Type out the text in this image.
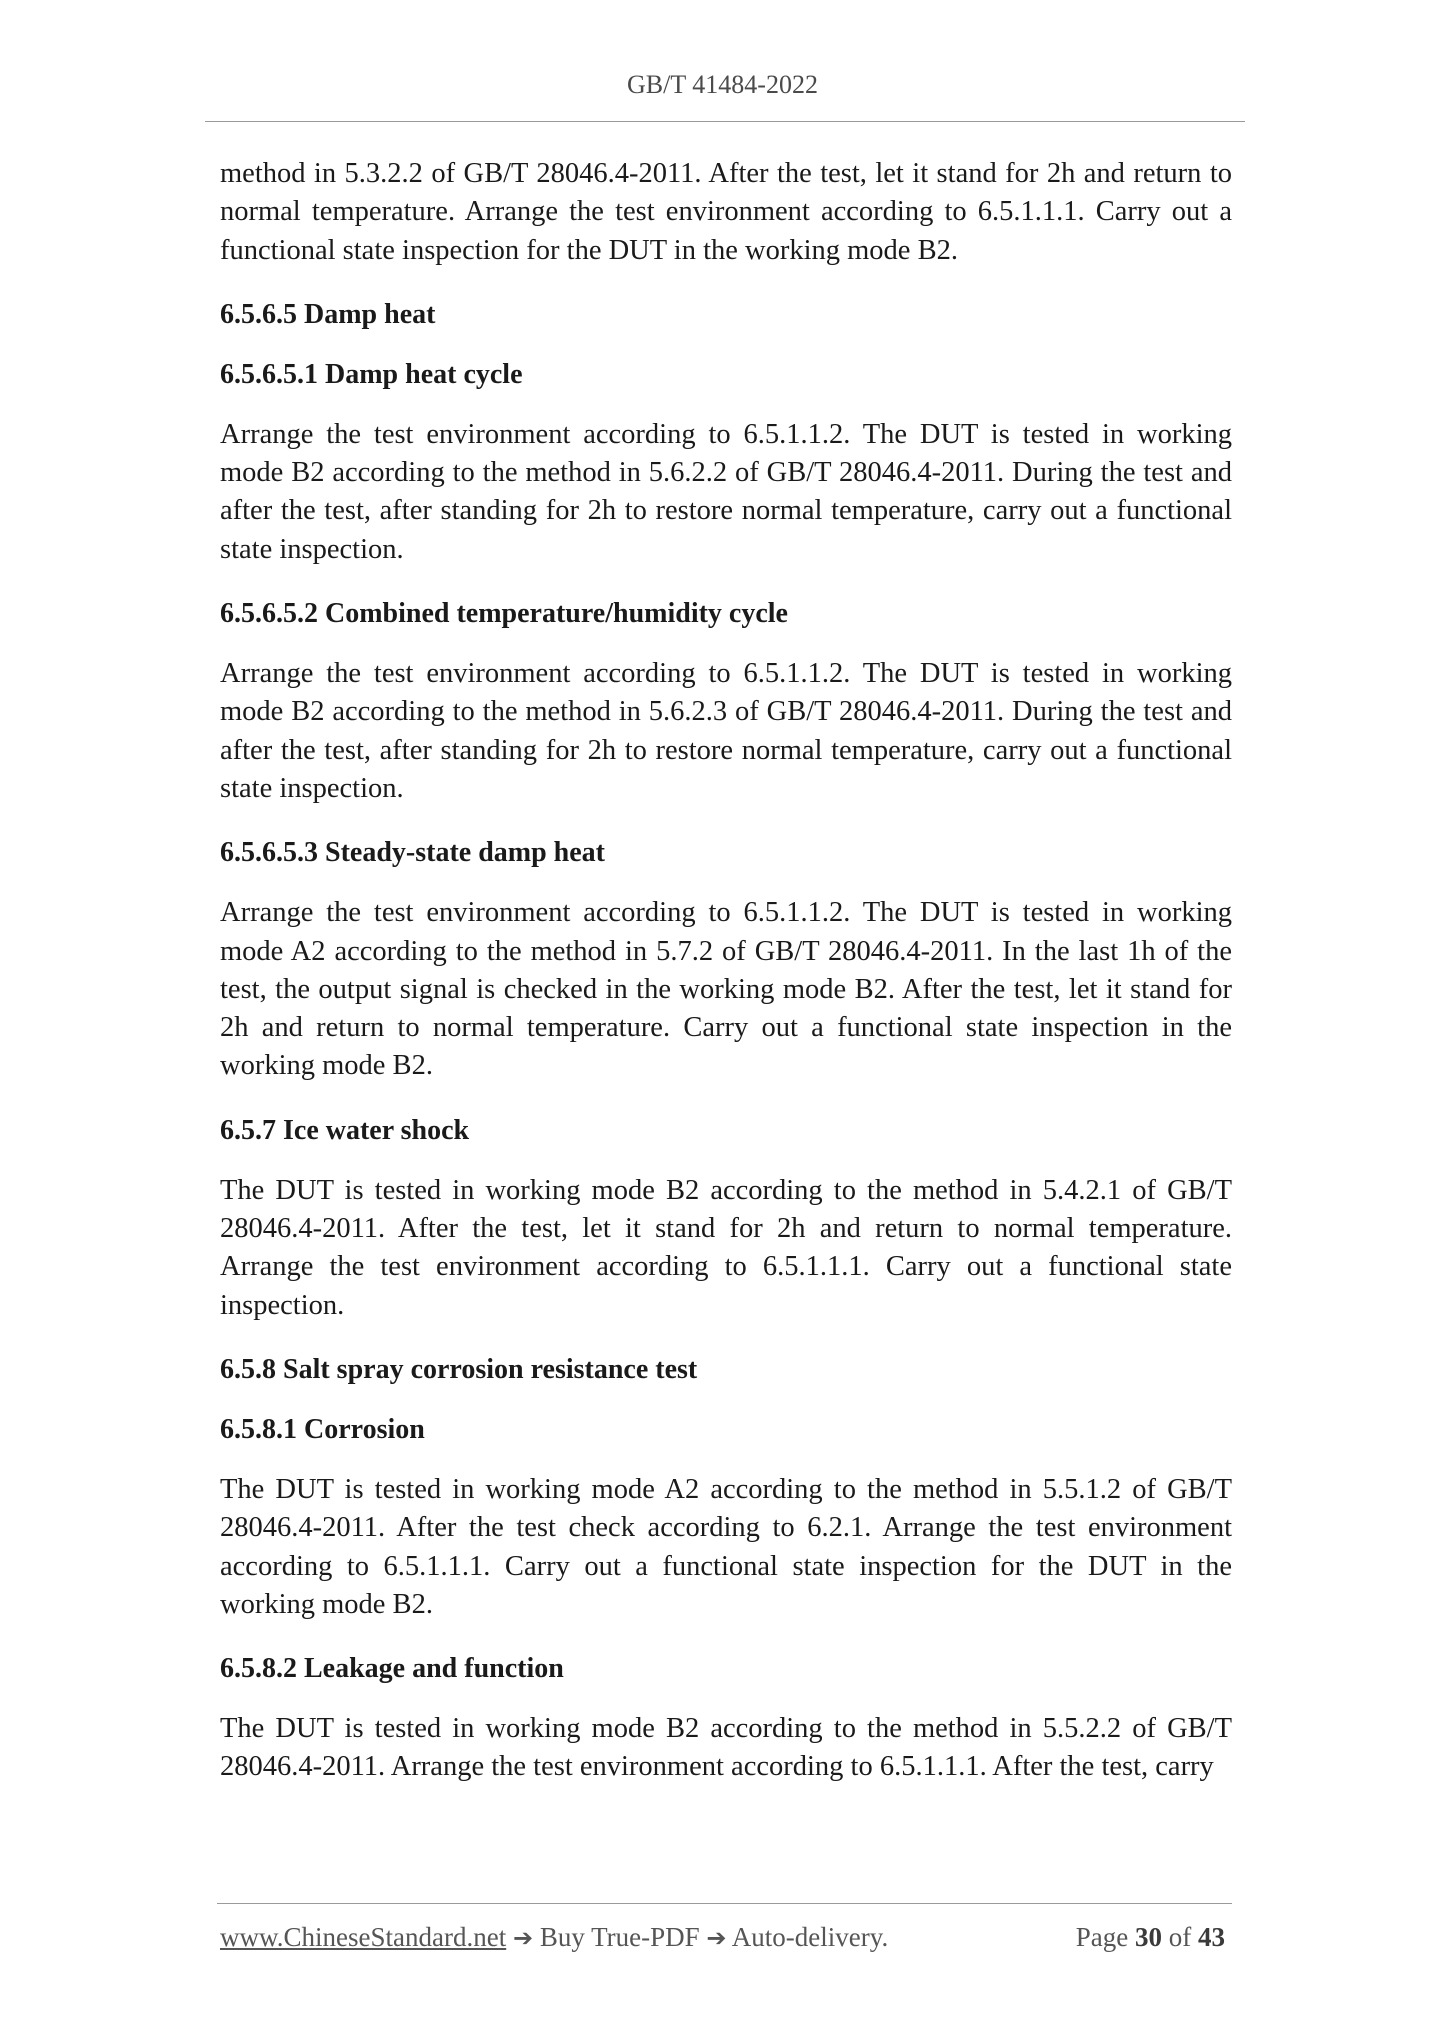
GB/T 41484-2022

method in 5.3.2.2 of GB/T 28046.4-2011. After the test, let it stand for 2h and return to normal temperature. Arrange the test environment according to 6.5.1.1.1. Carry out a functional state inspection for the DUT in the working mode B2.

6.5.6.5 Damp heat
6.5.6.5.1 Damp heat cycle

Arrange the test environment according to 6.5.1.1.2. The DUT is tested in working mode B2 according to the method in 5.6.2.2 of GB/T 28046.4-2011. During the test and after the test, after standing for 2h to restore normal temperature, carry out a functional state inspection.

6.5.6.5.2 Combined temperature/humidity cycle

Arrange the test environment according to 6.5.1.1.2. The DUT is tested in working mode B2 according to the method in 5.6.2.3 of GB/T 28046.4-2011. During the test and after the test, after standing for 2h to restore normal temperature, carry out a functional state inspection.

6.5.6.5.3 Steady-state damp heat

Arrange the test environment according to 6.5.1.1.2. The DUT is tested in working mode A2 according to the method in 5.7.2 of GB/T 28046.4-2011. In the last 1h of the test, the output signal is checked in the working mode B2. After the test, let it stand for 2h and return to normal temperature. Carry out a functional state inspection in the working mode B2.

6.5.7 Ice water shock

The DUT is tested in working mode B2 according to the method in 5.4.2.1 of GB/T 28046.4-2011. After the test, let it stand for 2h and return to normal temperature. Arrange the test environment according to 6.5.1.1.1. Carry out a functional state inspection.

6.5.8 Salt spray corrosion resistance test
6.5.8.1 Corrosion

The DUT is tested in working mode A2 according to the method in 5.5.1.2 of GB/T 28046.4-2011. After the test check according to 6.2.1. Arrange the test environment according to 6.5.1.1.1. Carry out a functional state inspection for the DUT in the working mode B2.

6.5.8.2 Leakage and function

The DUT is tested in working mode B2 according to the method in 5.5.2.2 of GB/T 28046.4-2011. Arrange the test environment according to 6.5.1.1.1. After the test, carry

www.ChineseStandard.net ➔ Buy True-PDF ➔ Auto-delivery.	Page 30 of 43
